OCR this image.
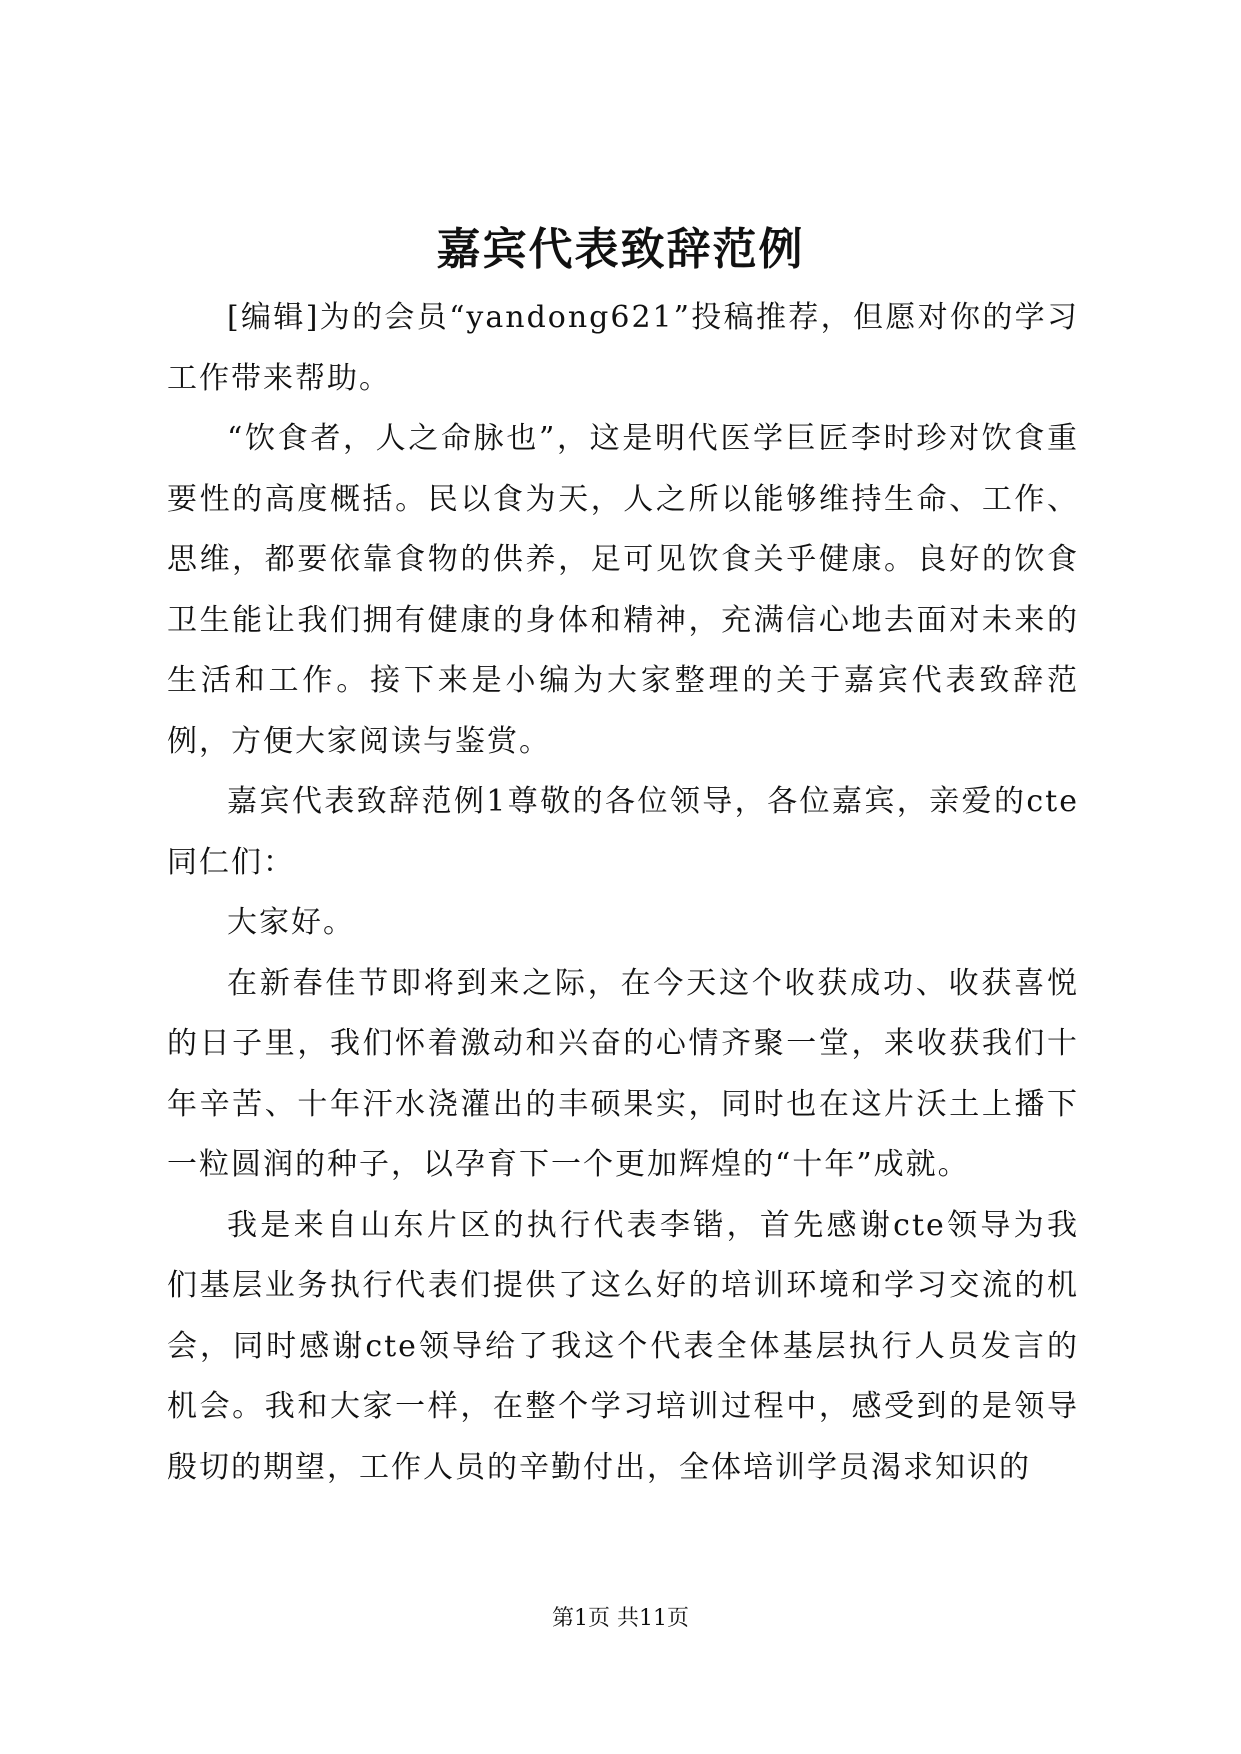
嘉宾代表致辞范例

[编辑]为的会员“yandong621”投稿推荐，但愿对你的学习工作带来帮助。

“饮食者，人之命脉也”，这是明代医学巨匠李时珍对饮食重要性的高度概括。民以食为天，人之所以能够维持生命、工作、思维，都要依靠食物的供养，足可见饮食关乎健康。良好的饮食卫生能让我们拥有健康的身体和精神，充满信心地去面对未来的生活和工作。接下来是小编为大家整理的关于嘉宾代表致辞范例，方便大家阅读与鉴赏。

嘉宾代表致辞范例1尊敬的各位领导，各位嘉宾，亲爱的cte同仁们：

大家好。

在新春佳节即将到来之际，在今天这个收获成功、收获喜悦的日子里，我们怀着激动和兴奋的心情齐聚一堂，来收获我们十年辛苦、十年汗水浇灌出的丰硕果实，同时也在这片沃土上播下一粒圆润的种子，以孕育下一个更加辉煌的“十年”成就。

我是来自山东片区的执行代表李锴，首先感谢cte领导为我们基层业务执行代表们提供了这么好的培训环境和学习交流的机会，同时感谢cte领导给了我这个代表全体基层执行人员发言的机会。我和大家一样，在整个学习培训过程中，感受到的是领导殷切的期望，工作人员的辛勤付出，全体培训学员渴求知识的

第1页 共11页
